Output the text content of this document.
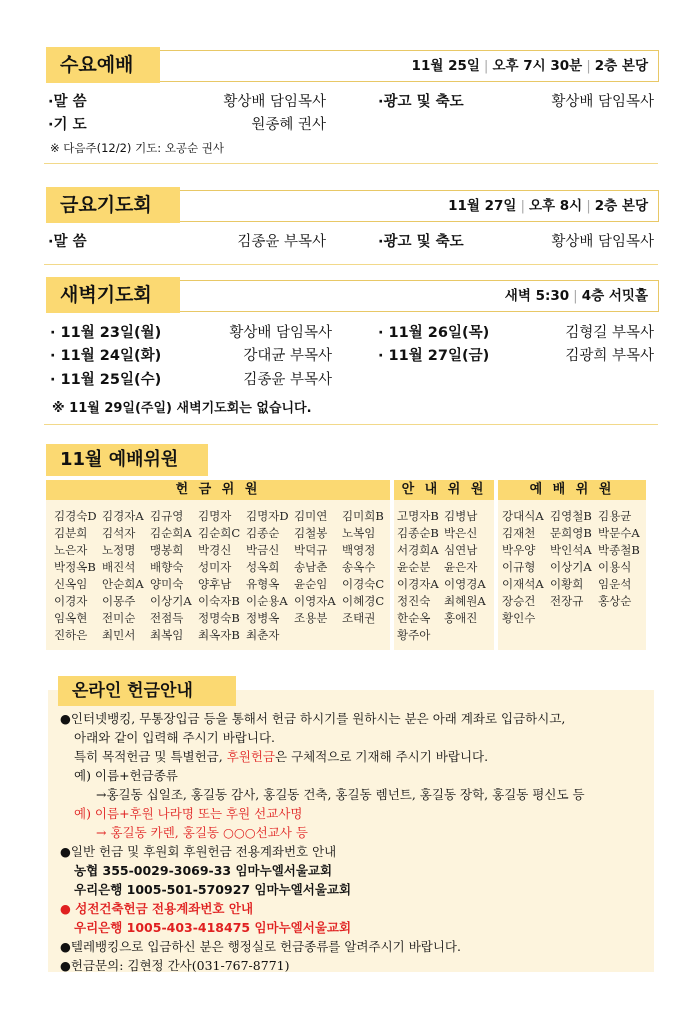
11월 25일 | 오후 7시 30분 | 2층 본당
수요예배
·말 씀	황상배 담임목사
·기 도	원종혜 권사
·광고 및 축도	황상배 담임목사
※ 다음주(12/2) 기도: 오공순 권사
11월 27일 | 오후 8시 | 2층 본당
금요기도회
·말 씀	김종윤 부목사	·광고 및 축도	황상배 담임목사
새벽 5:30 | 4층 서밋홀
새벽기도회
· 11월 23일(월)	황상배 담임목사
· 11월 24일(화)	강대균 부목사
· 11월 25일(수)	김종윤 부목사
· 11월 26일(목)	김형길 부목사
· 11월 27일(금)	김광희 부목사
※ 11월 29일(주일) 새벽기도회는 없습니다.
11월 예배위원
헌 금 위 원	안 내 위 원	예 배 위 원
김경숙D 김경자A 김규영 김명자 김명자D 김미연 김미희B
김분희 김석자 김순희A 김순희C 김종순 김철봉 노복임
노은자 노정명 맹봉희 박경신 박금신 박덕규 백영정
박정옥B 배진석 배향숙 성미자 성옥희 송남춘 송옥수
신옥임 안순희A 양미숙 양후남 유형옥 윤순임 이경숙C
이경자 이몽주 이상기A 이숙자B 이순용A 이영자A 이혜경C
임옥현 전미순 전점득 정명숙B 정병옥 조용분 조태권
진하은 최민서 최복임 최옥자B 최춘자
고명자B 김병남
김종순B 박은신
서경희A 심연남
윤순분 윤은자
이경자A 이영경A
정진숙 최혜원A
한순옥 홍애진
황주아
강대식A 김영철B 김용균
김재천 문희영B 박문수A
박우양 박인석A 박종철B
이규형 이상기A 이용식
이재석A 이황희 임운석
장승건 전장규 홍상순
황인수
온라인 헌금안내
●인터넷뱅킹, 무통장입금 등을 통해서 헌금 하시기를 원하시는 분은 아래 계좌로 입금하시고,
아래와 같이 입력해 주시기 바랍니다.
특히 목적헌금 및 특별헌금, 후원헌금은 구체적으로 기재해 주시기 바랍니다.
예) 이름+헌금종류
→홍길동 십일조, 홍길동 감사, 홍길동 건축, 홍길동 렘넌트, 홍길동 장학, 홍길동 평신도 등
예) 이름+후원 나라명 또는 후원 선교사명
→ 홍길동 카렌, 홍길동 ○○○선교사 등
●일반 헌금 및 후원회 후원헌금 전용계좌번호 안내
농협 355-0029-3069-33 임마누엘서울교회
우리은행 1005-501-570927 임마누엘서울교회
● 성전건축헌금 전용계좌번호 안내
우리은행 1005-403-418475 임마누엘서울교회
●텔레뱅킹으로 입금하신 분은 행정실로 헌금종류를 알려주시기 바랍니다.
●헌금문의: 김현정 간사(031-767-8771)
